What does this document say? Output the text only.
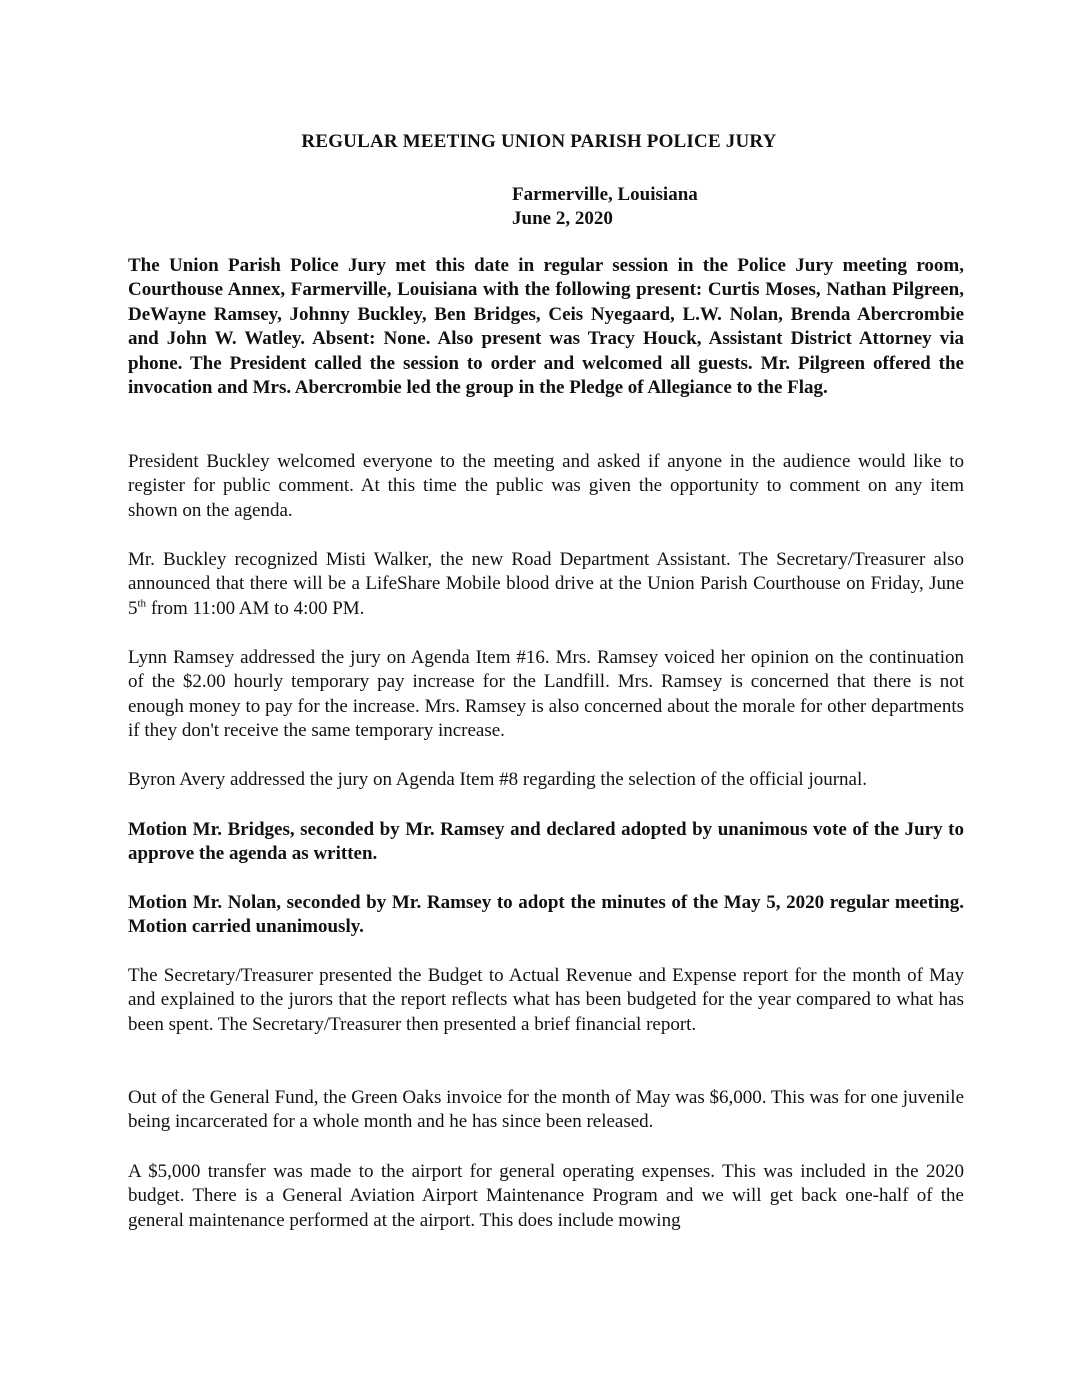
REGULAR MEETING UNION PARISH POLICE JURY
Farmerville, Louisiana
June 2, 2020

The Union Parish Police Jury met this date in regular session in the Police Jury meeting room, Courthouse Annex, Farmerville, Louisiana with the following present: Curtis Moses, Nathan Pilgreen, DeWayne Ramsey, Johnny Buckley, Ben Bridges, Ceis Nyegaard, L.W. Nolan, Brenda Abercrombie and John W. Watley. Absent: None. Also present was Tracy Houck, Assistant District Attorney via phone. The President called the session to order and welcomed all guests. Mr. Pilgreen offered the invocation and Mrs. Abercrombie led the group in the Pledge of Allegiance to the Flag.

President Buckley welcomed everyone to the meeting and asked if anyone in the audience would like to register for public comment. At this time the public was given the opportunity to comment on any item shown on the agenda.

Mr. Buckley recognized Misti Walker, the new Road Department Assistant. The Secretary/Treasurer also announced that there will be a LifeShare Mobile blood drive at the Union Parish Courthouse on Friday, June 5th from 11:00 AM to 4:00 PM.

Lynn Ramsey addressed the jury on Agenda Item #16. Mrs. Ramsey voiced her opinion on the continuation of the $2.00 hourly temporary pay increase for the Landfill. Mrs. Ramsey is concerned that there is not enough money to pay for the increase. Mrs. Ramsey is also concerned about the morale for other departments if they don't receive the same temporary increase.

Byron Avery addressed the jury on Agenda Item #8 regarding the selection of the official journal.

Motion Mr. Bridges, seconded by Mr. Ramsey and declared adopted by unanimous vote of the Jury to approve the agenda as written.

Motion Mr. Nolan, seconded by Mr. Ramsey to adopt the minutes of the May 5, 2020 regular meeting. Motion carried unanimously.

The Secretary/Treasurer presented the Budget to Actual Revenue and Expense report for the month of May and explained to the jurors that the report reflects what has been budgeted for the year compared to what has been spent. The Secretary/Treasurer then presented a brief financial report.

Out of the General Fund, the Green Oaks invoice for the month of May was $6,000. This was for one juvenile being incarcerated for a whole month and he has since been released.

A $5,000 transfer was made to the airport for general operating expenses. This was included in the 2020 budget. There is a General Aviation Airport Maintenance Program and we will get back one-half of the general maintenance performed at the airport. This does include mowing
